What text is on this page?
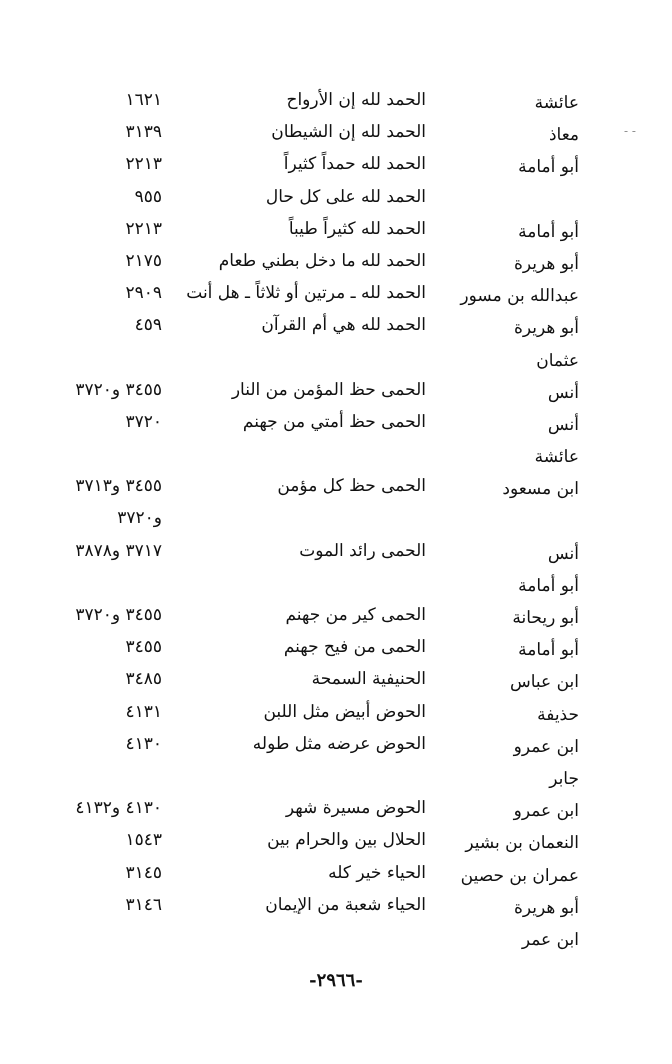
- -
عائشة
الحمد لله إن الأرواح
١٦٢١
معاذ
الحمد لله إن الشيطان
٣١٣٩
أبو أمامة
الحمد لله حمداً كثيراً
٢٢١٣
الحمد لله على كل حال
٩٥٥
أبو أمامة
الحمد لله كثيراً طيباً
٢٢١٣
أبو هريرة
الحمد لله ما دخل بطني طعام
٢١٧٥
عبدالله بن مسور
الحمد لله ـ مرتين أو ثلاثاً ـ هل أنت
٢٩٠٩
أبو هريرة
الحمد لله هي أم القرآن
٤٥٩
عثمان
أنس
الحمى حظ المؤمن من النار
٣٤٥٥ و٣٧٢٠
أنس
الحمى حظ أمتي من جهنم
٣٧٢٠
عائشة
ابن مسعود
الحمى حظ كل مؤمن
٣٤٥٥ و٣٧١٣
و٣٧٢٠
أنس
الحمى رائد الموت
٣٧١٧ و٣٨٧٨
أبو أمامة
أبو ريحانة
الحمى كير من جهنم
٣٤٥٥ و٣٧٢٠
أبو أمامة
الحمى من فيح جهنم
٣٤٥٥
ابن عباس
الحنيفية السمحة
٣٤٨٥
حذيفة
الحوض أبيض مثل اللبن
٤١٣١
ابن عمرو
الحوض عرضه مثل طوله
٤١٣٠
جابر
ابن عمرو
الحوض مسيرة شهر
٤١٣٠ و٤١٣٢
النعمان بن بشير
الحلال بين والحرام بين
١٥٤٣
عمران بن حصين
الحياء خير كله
٣١٤٥
أبو هريرة
الحياء شعبة من الإيمان
٣١٤٦
ابن عمر
-٢٩٦٦-
